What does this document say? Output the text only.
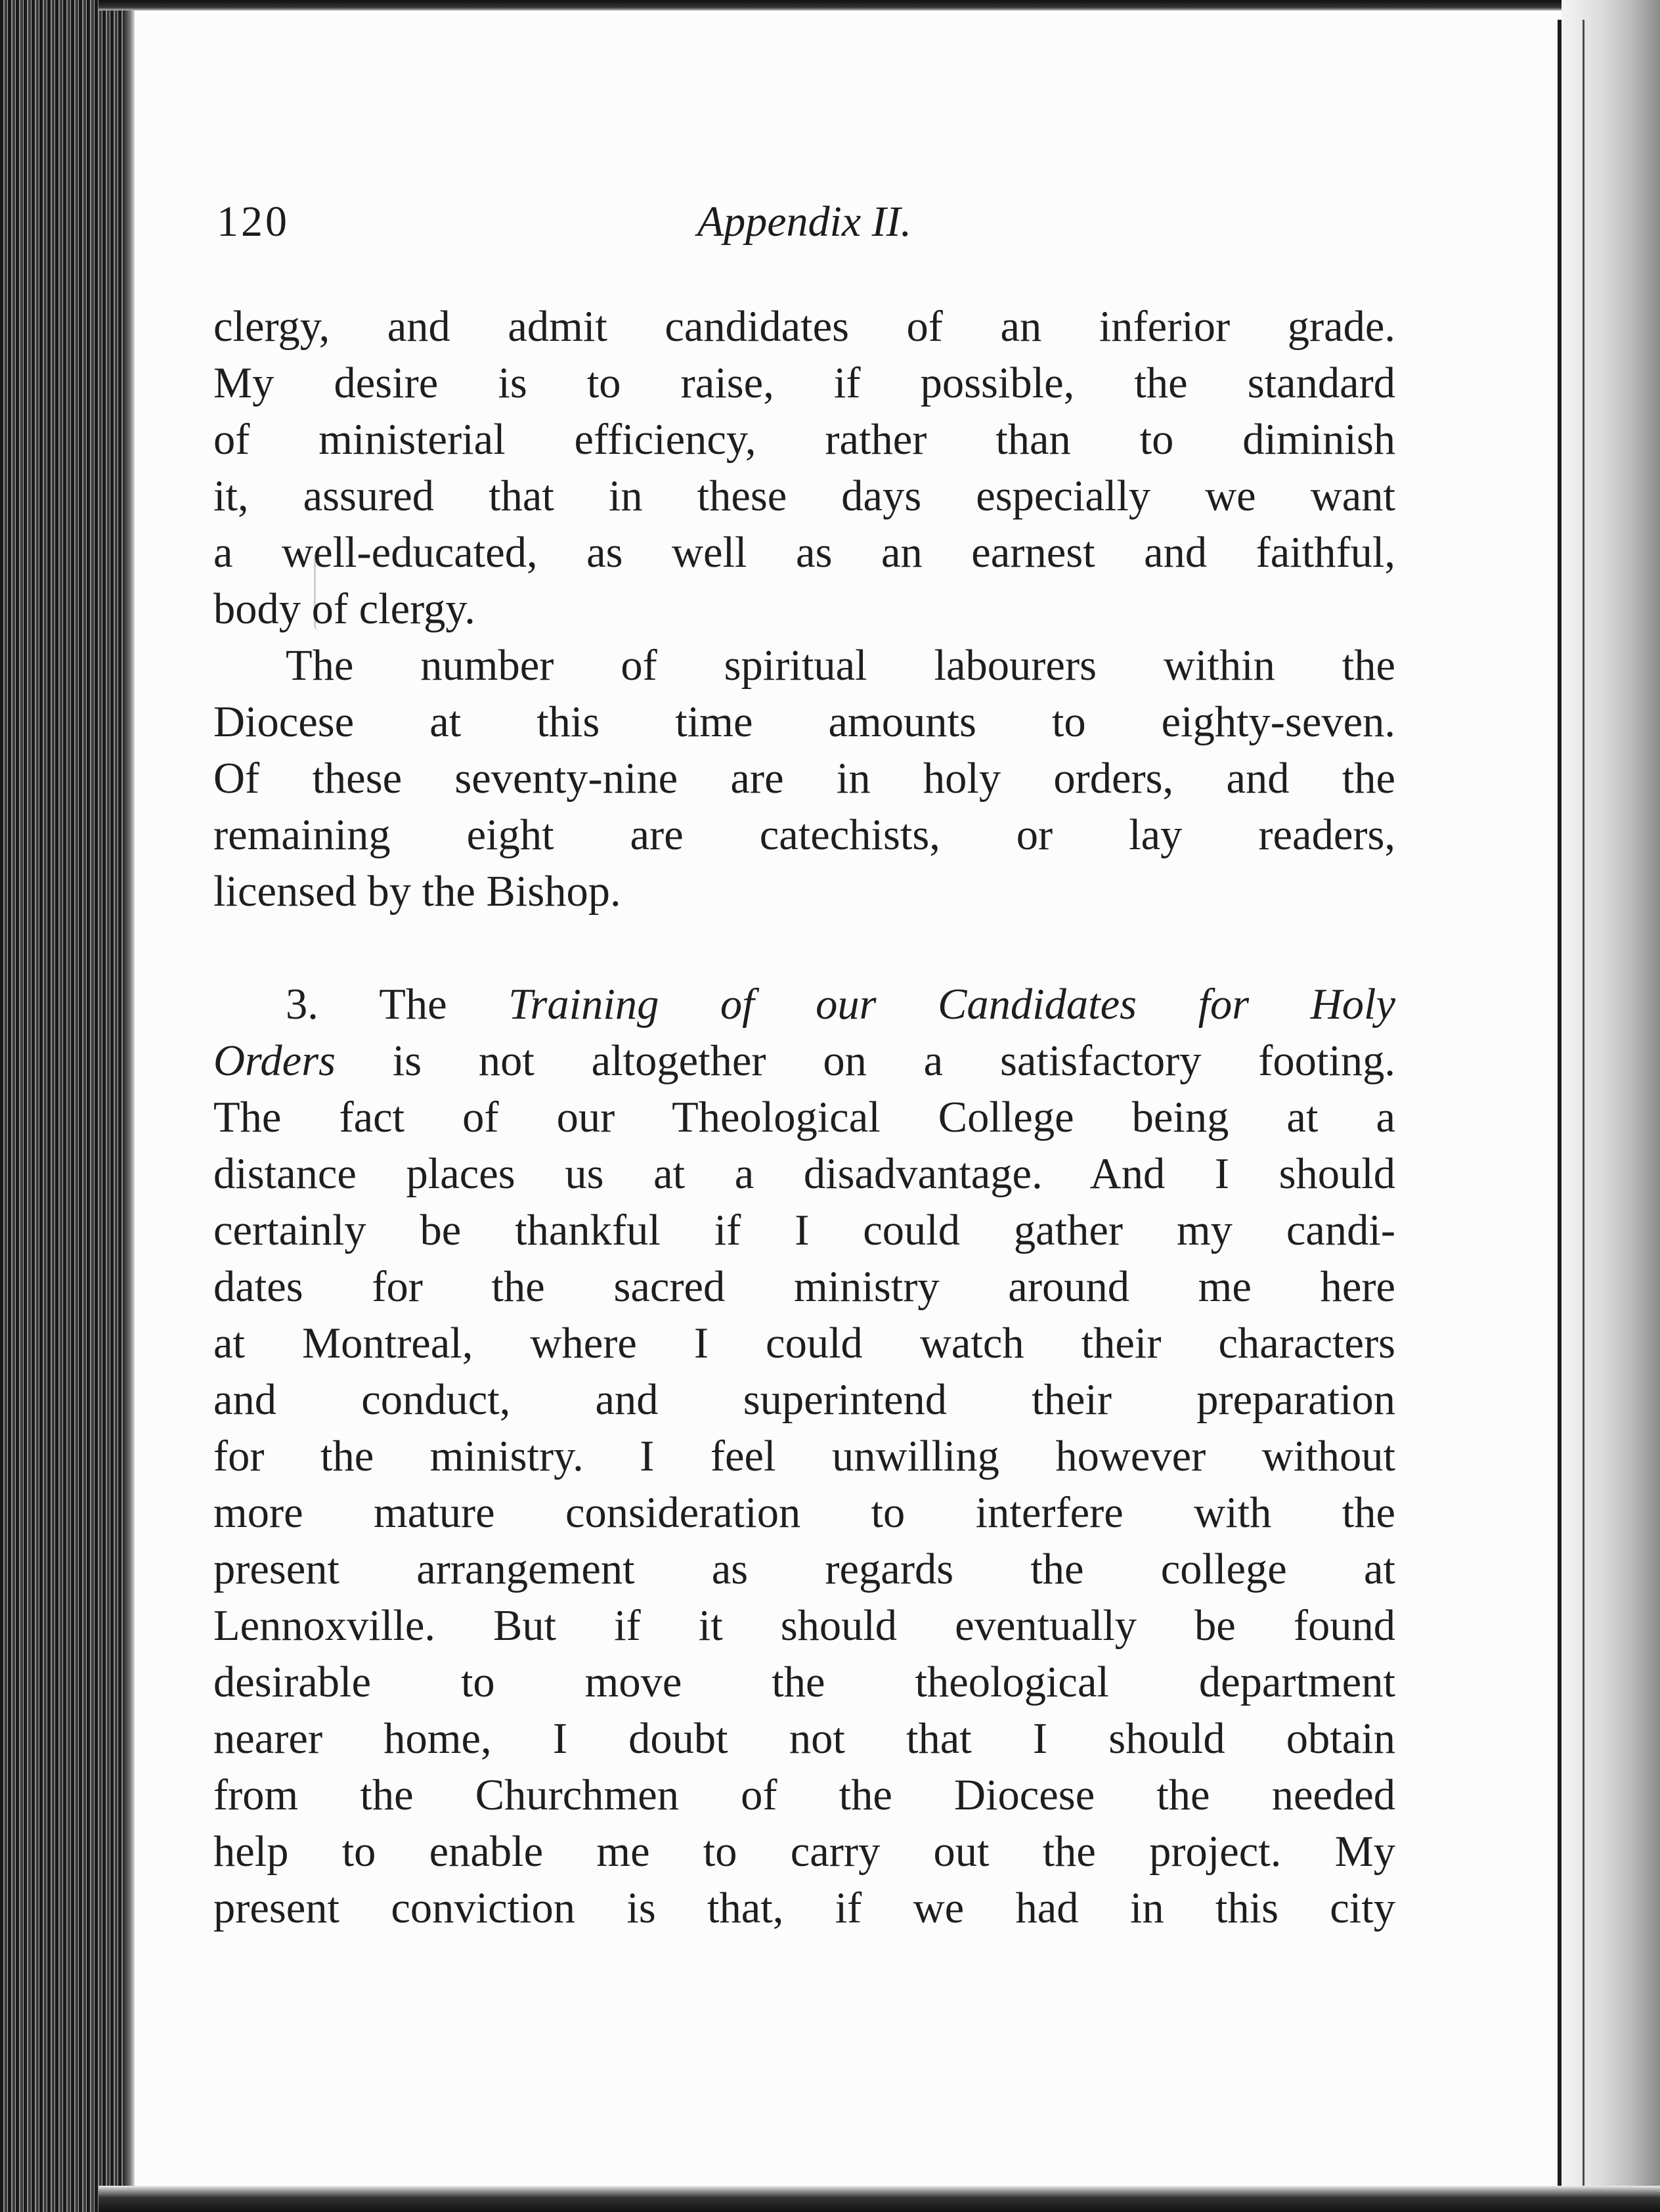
120	Appendix II.
clergy, and admit candidates of an inferior grade.
My desire is to raise, if possible, the standard
of ministerial efficiency, rather than to diminish
it, assured that in these days especially we want
a well-educated, as well as an earnest and faithful,
body of clergy.
The number of spiritual labourers within the
Diocese at this time amounts to eighty-seven.
Of these seventy-nine are in holy orders, and the
remaining eight are catechists, or lay readers,
licensed by the Bishop.
3. The Training of our Candidates for Holy
Orders is not altogether on a satisfactory footing.
The fact of our Theological College being at a
distance places us at a disadvantage. And I should
certainly be thankful if I could gather my candi-
dates for the sacred ministry around me here
at Montreal, where I could watch their characters
and conduct, and superintend their preparation
for the ministry. I feel unwilling however without
more mature consideration to interfere with the
present arrangement as regards the college at
Lennoxville. But if it should eventually be found
desirable to move the theological department
nearer home, I doubt not that I should obtain
from the Churchmen of the Diocese the needed
help to enable me to carry out the project. My
present conviction is that, if we had in this city
